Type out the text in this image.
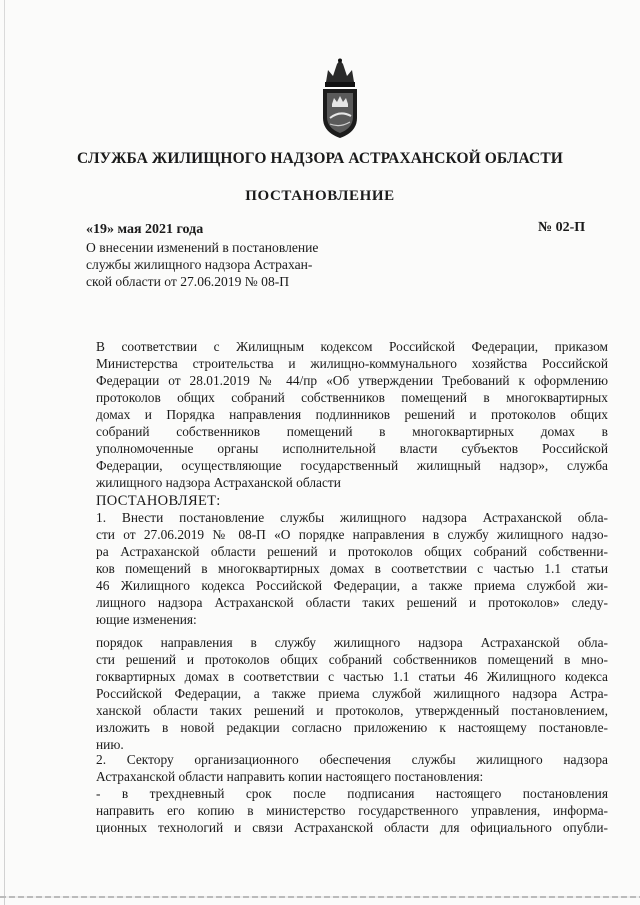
СЛУЖБА ЖИЛИЩНОГО НАДЗОРА АСТРАХАНСКОЙ ОБЛАСТИ
ПОСТАНОВЛЕНИЕ
«19» мая 2021 года	№ 02-П
О внесении изменений в постановление
службы жилищного надзора Астрахан-
ской области от 27.06.2019 № 08-П
В соответствии с Жилищным кодексом Российской Федерации, приказом
Министерства строительства и жилищно-коммунального хозяйства Российской
Федерации от 28.01.2019 № 44/пр «Об утверждении Требований к оформлению
протоколов общих собраний собственников помещений в многоквартирных
домах и Порядка направления подлинников решений и протоколов общих
собраний собственников помещений в многоквартирных домах в
уполномоченные органы исполнительной власти субъектов Российской
Федерации, осуществляющие государственный жилищный надзор», служба
жилищного надзора Астраханской области
ПОСТАНОВЛЯЕТ:
1. Внести постановление службы жилищного надзора Астраханской обла-
сти от 27.06.2019 № 08-П «О порядке направления в службу жилищного надзо-
ра Астраханской области решений и протоколов общих собраний собственни-
ков помещений в многоквартирных домах в соответствии с частью 1.1 статьи
46 Жилищного кодекса Российской Федерации, а также приема службой жи-
лищного надзора Астраханской области таких решений и протоколов» следу-
ющие изменения:
порядок направления в службу жилищного надзора Астраханской обла-
сти решений и протоколов общих собраний собственников помещений в мно-
гоквартирных домах в соответствии с частью 1.1 статьи 46 Жилищного кодекса
Российской Федерации, а также приема службой жилищного надзора Астра-
ханской области таких решений и протоколов, утвержденный постановлением,
изложить в новой редакции согласно приложению к настоящему постановле-
нию.
2. Сектору организационного обеспечения службы жилищного надзора
Астраханской области направить копии настоящего постановления:
- в трехдневный срок после подписания настоящего постановления
направить его копию в министерство государственного управления, информа-
ционных технологий и связи Астраханской области для официального опубли-
